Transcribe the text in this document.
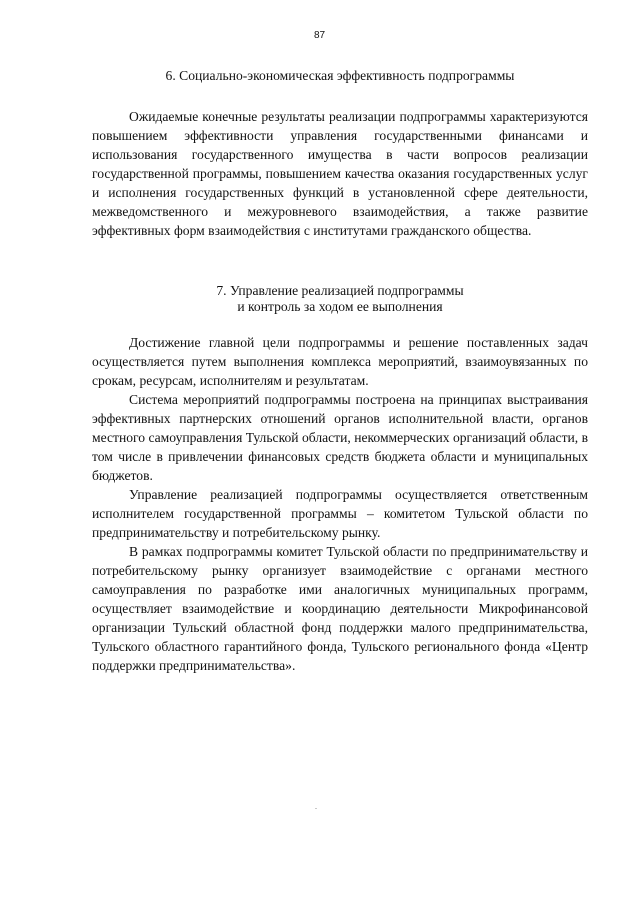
87
6. Социально-экономическая эффективность подпрограммы

Ожидаемые конечные результаты реализации подпрограммы характеризуются повышением эффективности управления государственными финансами и использования государственного имущества в части вопросов реализации государственной программы, повышением качества оказания государственных услуг и исполнения государственных функций в установленной сфере деятельности, межведомственного и межуровневого взаимодействия, а также развитие эффективных форм взаимодействия с институтами гражданского общества.

7. Управление реализацией подпрограммы
и контроль за ходом ее выполнения

Достижение главной цели подпрограммы и решение поставленных задач осуществляется путем выполнения комплекса мероприятий, взаимоувязанных по срокам, ресурсам, исполнителям и результатам.

Система мероприятий подпрограммы построена на принципах выстраивания эффективных партнерских отношений органов исполнительной власти, органов местного самоуправления Тульской области, некоммерческих организаций области, в том числе в привлечении финансовых средств бюджета области и муниципальных бюджетов.

Управление реализацией подпрограммы осуществляется ответственным исполнителем государственной программы – комитетом Тульской области по предпринимательству и потребительскому рынку.

В рамках подпрограммы комитет Тульской области по предпринимательству и потребительскому рынку организует взаимодействие с органами местного самоуправления по разработке ими аналогичных муниципальных программ, осуществляет взаимодействие и координацию деятельности Микрофинансовой организации Тульский областной фонд поддержки малого предпринимательства, Тульского областного гарантийного фонда, Тульского регионального фонда «Центр поддержки предпринимательства».
